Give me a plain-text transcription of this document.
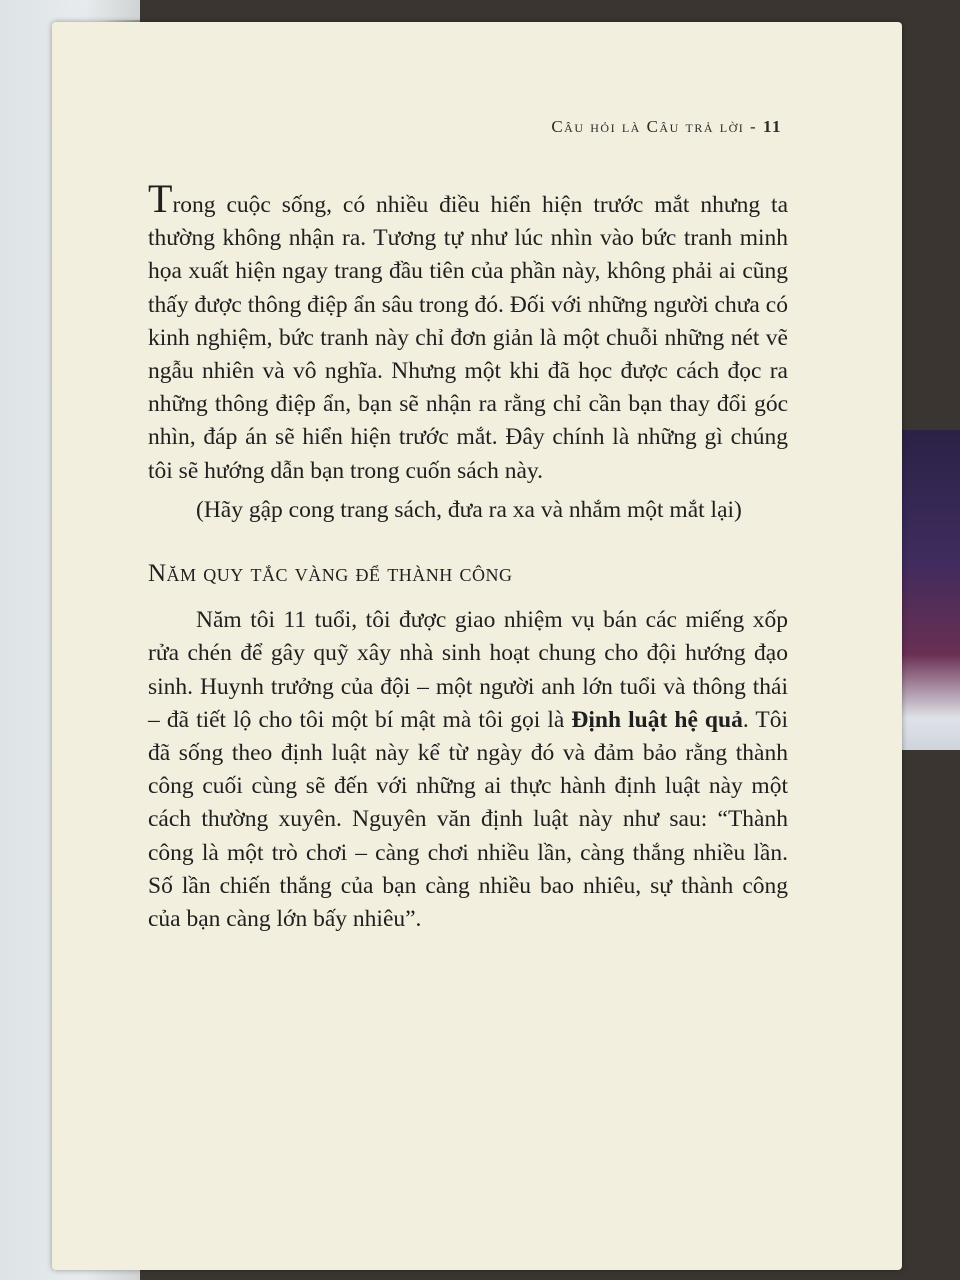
Câu hỏi là Câu trả lời - 11

Trong cuộc sống, có nhiều điều hiển hiện trước mắt nhưng ta thường không nhận ra. Tương tự như lúc nhìn vào bức tranh minh họa xuất hiện ngay trang đầu tiên của phần này, không phải ai cũng thấy được thông điệp ẩn sâu trong đó. Đối với những người chưa có kinh nghiệm, bức tranh này chỉ đơn giản là một chuỗi những nét vẽ ngẫu nhiên và vô nghĩa. Nhưng một khi đã học được cách đọc ra những thông điệp ẩn, bạn sẽ nhận ra rằng chỉ cần bạn thay đổi góc nhìn, đáp án sẽ hiển hiện trước mắt. Đây chính là những gì chúng tôi sẽ hướng dẫn bạn trong cuốn sách này.

(Hãy gập cong trang sách, đưa ra xa và nhắm một mắt lại)

Năm quy tắc vàng để thành công

Năm tôi 11 tuổi, tôi được giao nhiệm vụ bán các miếng xốp rửa chén để gây quỹ xây nhà sinh hoạt chung cho đội hướng đạo sinh. Huynh trưởng của đội – một người anh lớn tuổi và thông thái – đã tiết lộ cho tôi một bí mật mà tôi gọi là Định luật hệ quả. Tôi đã sống theo định luật này kể từ ngày đó và đảm bảo rằng thành công cuối cùng sẽ đến với những ai thực hành định luật này một cách thường xuyên. Nguyên văn định luật này như sau: “Thành công là một trò chơi – càng chơi nhiều lần, càng thắng nhiều lần. Số lần chiến thắng của bạn càng nhiều bao nhiêu, sự thành công của bạn càng lớn bấy nhiêu”.
